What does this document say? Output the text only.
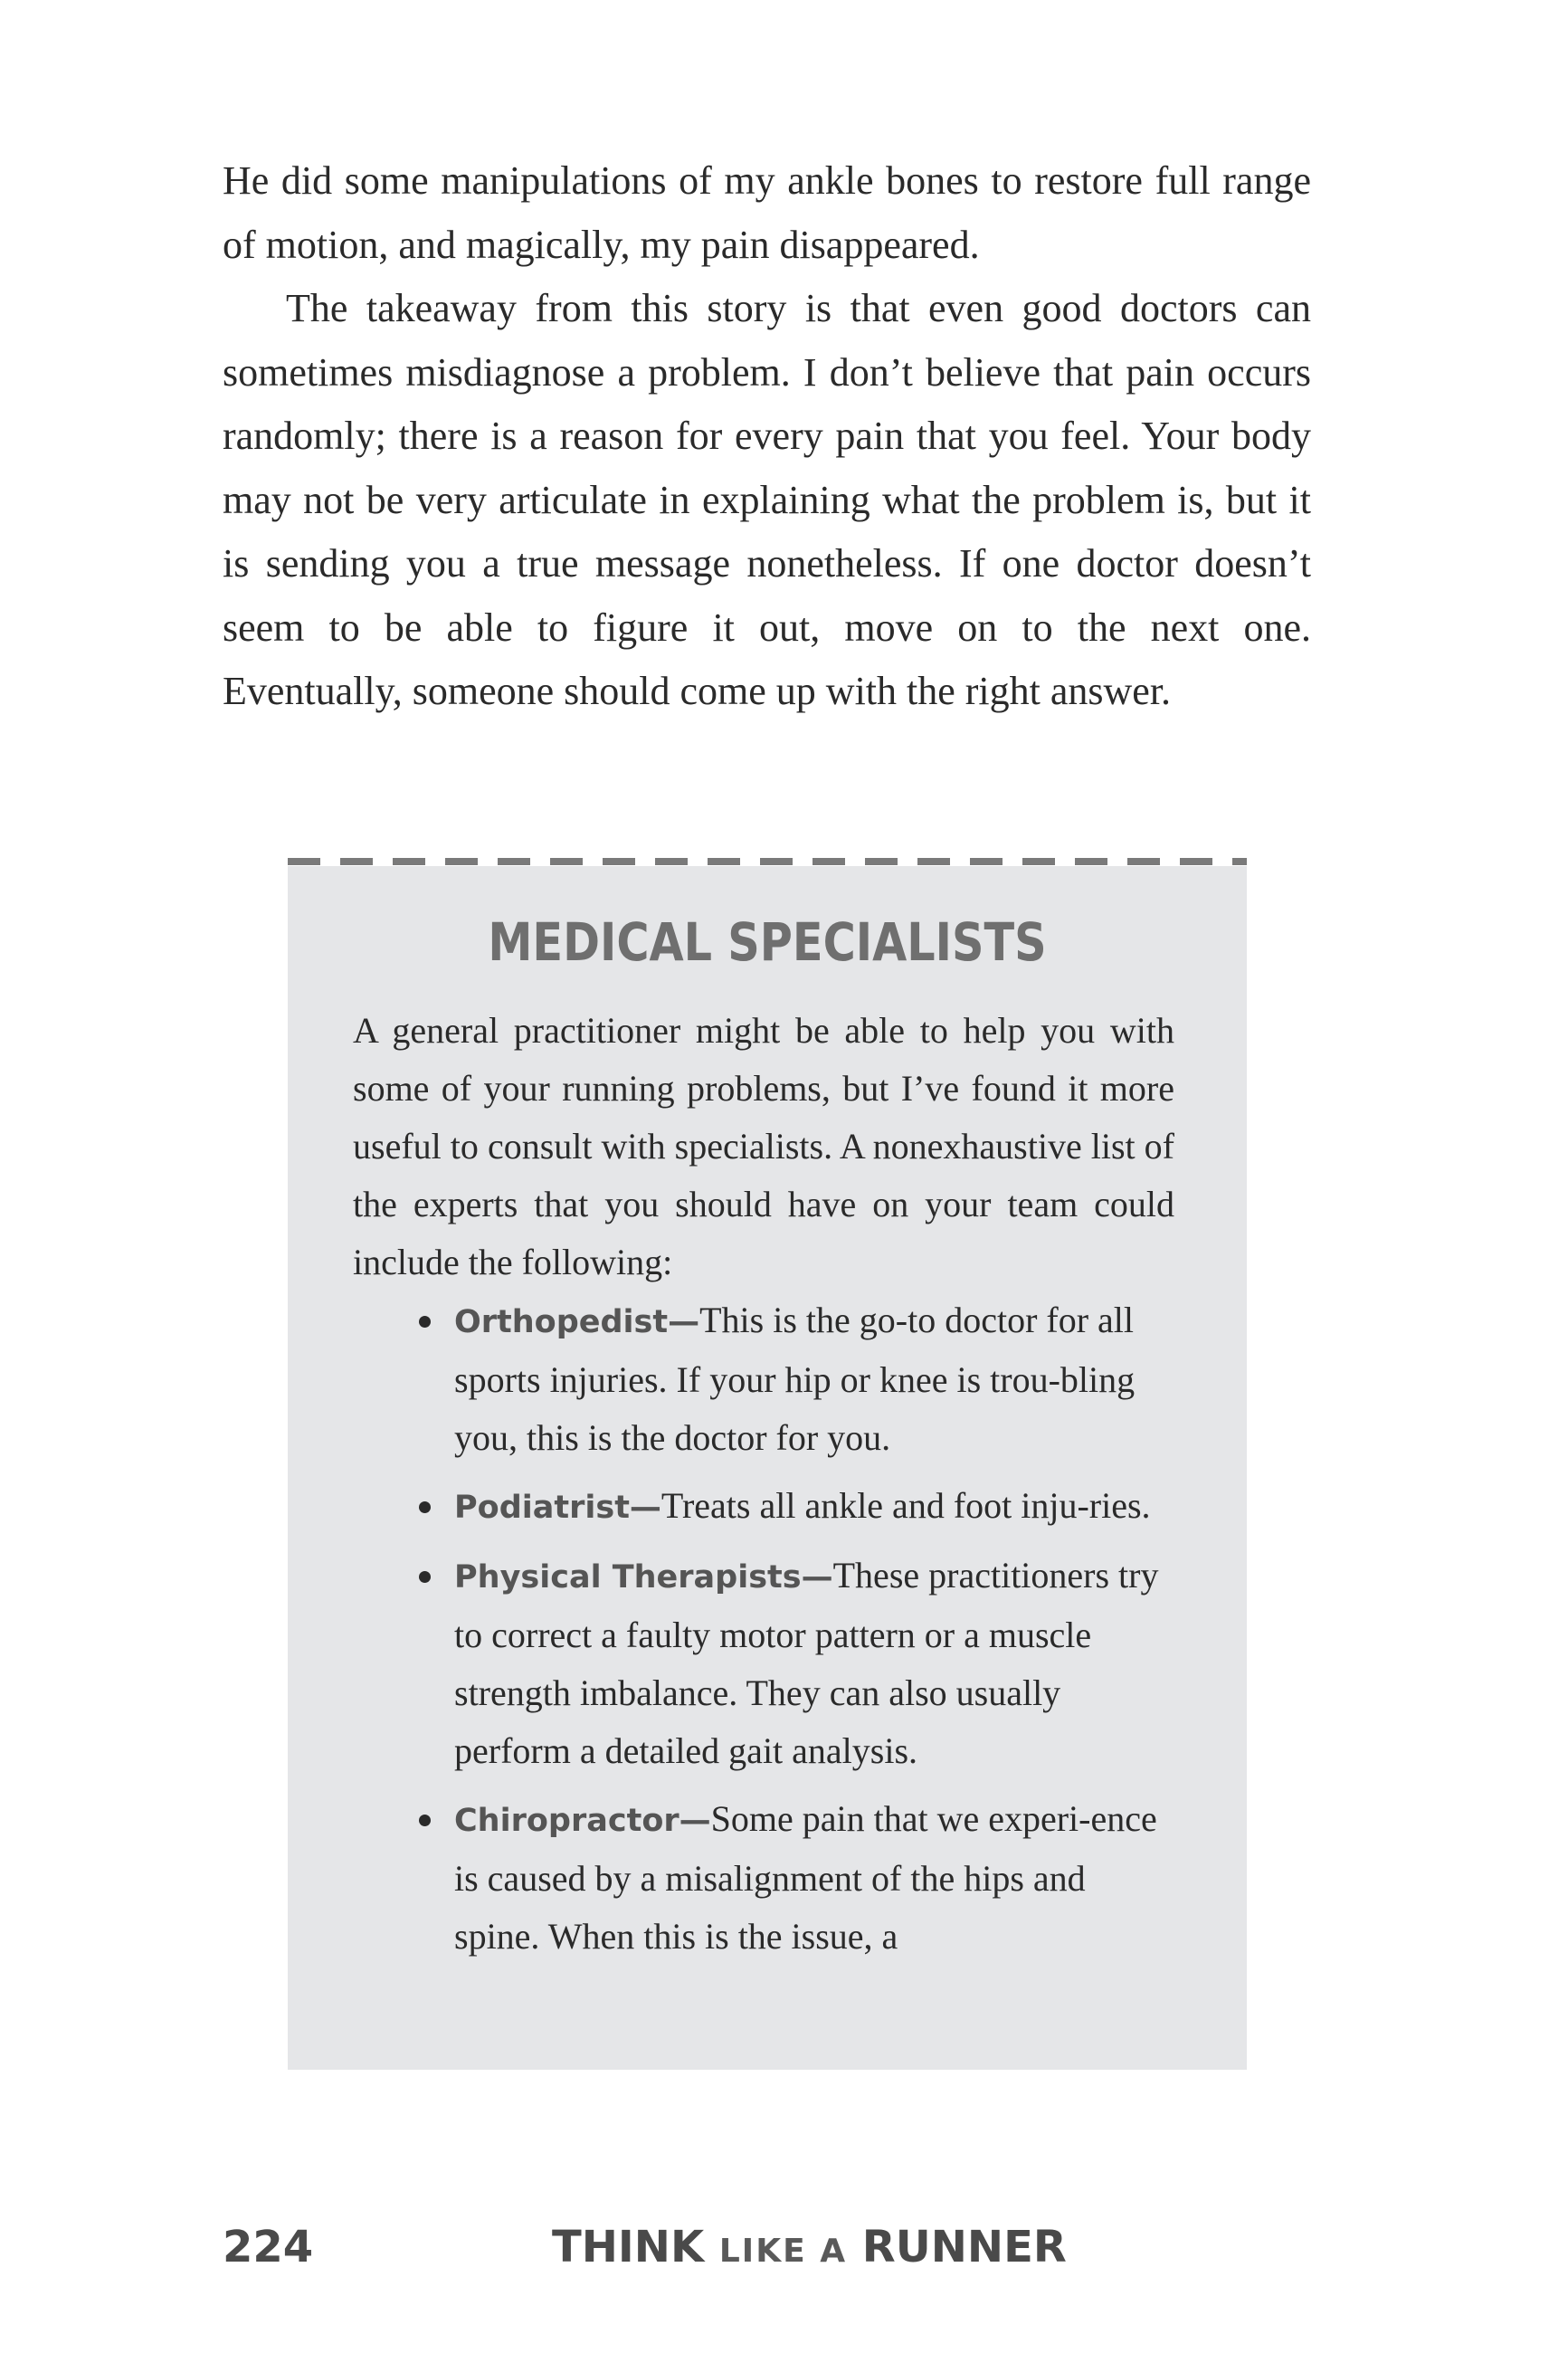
He did some manipulations of my ankle bones to restore full range of motion, and magically, my pain disappeared.

The takeaway from this story is that even good doctors can sometimes misdiagnose a problem. I don’t believe that pain occurs randomly; there is a reason for every pain that you feel. Your body may not be very articulate in explaining what the problem is, but it is sending you a true message nonetheless. If one doctor doesn’t seem to be able to figure it out, move on to the next one. Eventually, someone should come up with the right answer.

MEDICAL SPECIALISTS

A general practitioner might be able to help you with some of your running problems, but I’ve found it more useful to consult with specialists. A nonexhaustive list of the experts that you should have on your team could include the following:

Orthopedist—This is the go-to doctor for all sports injuries. If your hip or knee is trou-bling you, this is the doctor for you.
Podiatrist—Treats all ankle and foot inju-ries.
Physical Therapists—These practitioners try to correct a faulty motor pattern or a muscle strength imbalance. They can also usually perform a detailed gait analysis.
Chiropractor—Some pain that we experi-ence is caused by a misalignment of the hips and spine. When this is the issue, a
224	THINK LIKE A RUNNER
